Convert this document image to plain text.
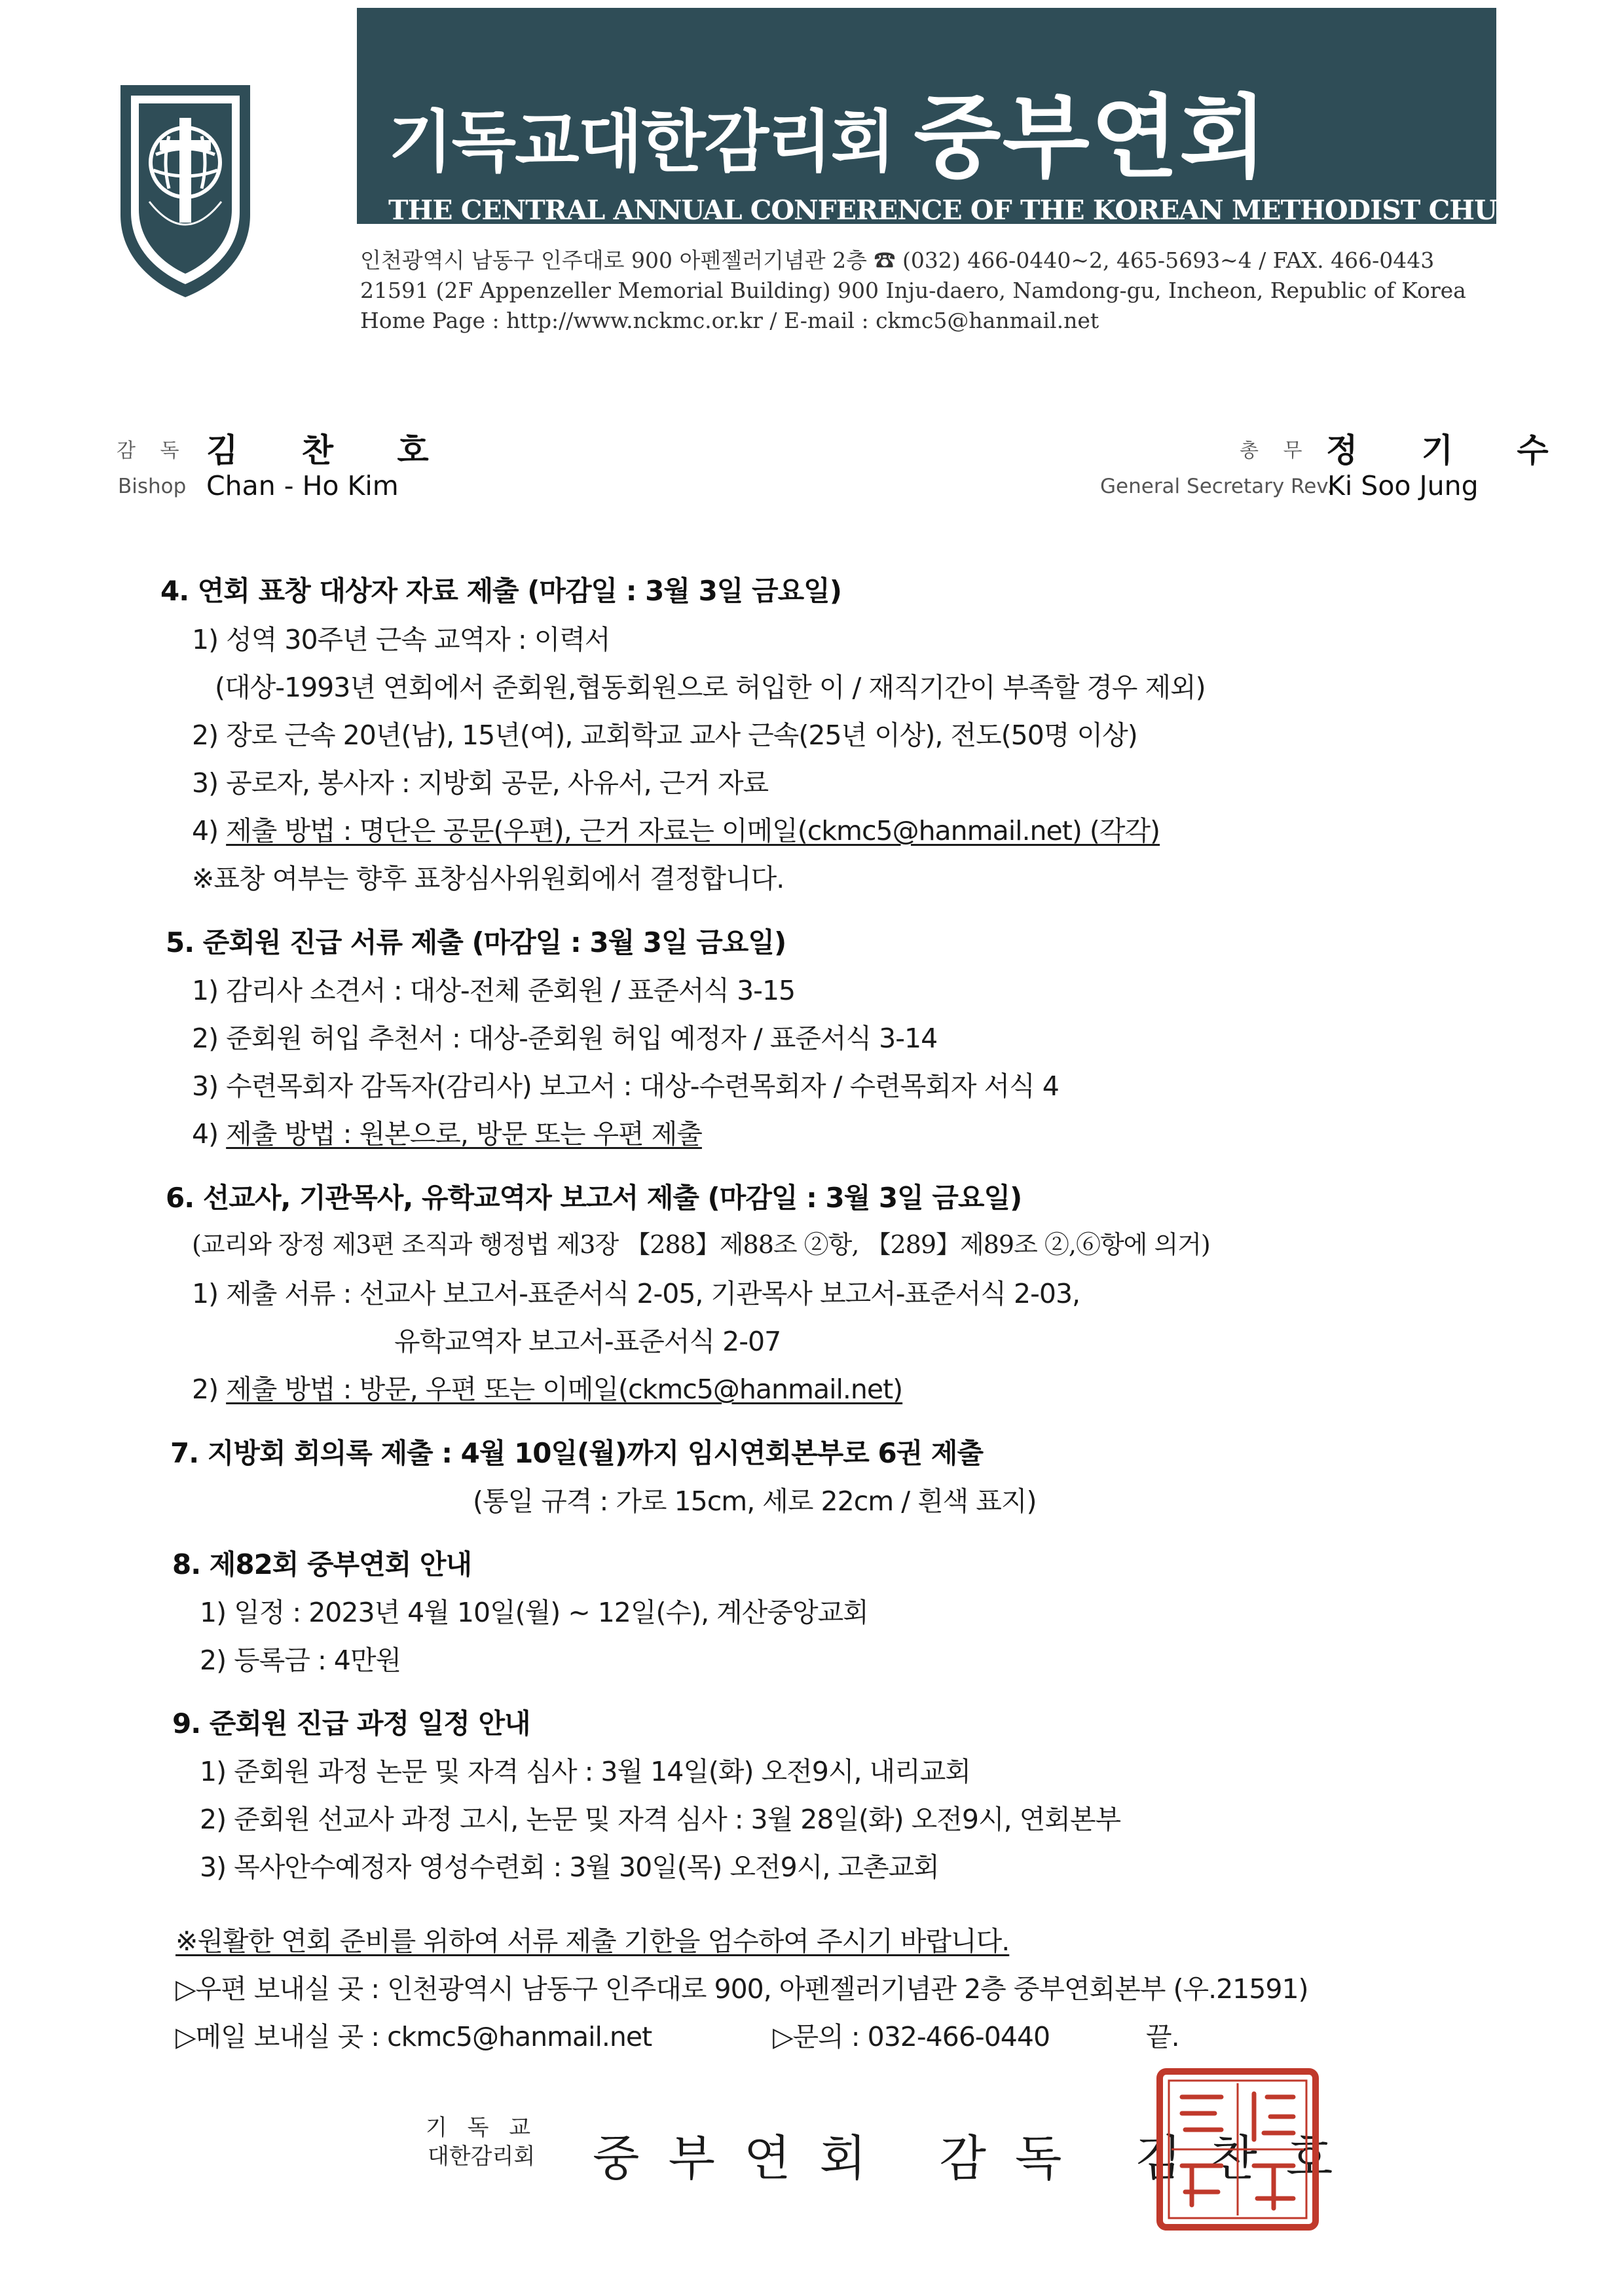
기독교대한감리회 중부연회
THE CENTRAL ANNUAL CONFERENCE OF THE KOREAN METHODIST CHURCH
인천광역시 남동구 인주대로 900 아펜젤러기념관 2층 ☎ (032) 466-0440~2, 465-5693~4 / FAX. 466-0443
21591 (2F Appenzeller Memorial Building) 900 Inju-daero, Namdong-gu, Incheon, Republic of Korea
Home Page : http://www.nckmc.or.kr / E-mail : ckmc5@hanmail.net
감 독 김 찬 호
Bishop Chan - Ho Kim
총 무 정 기 수
General Secretary Rev.
Ki Soo Jung
4. 연회 표창 대상자 자료 제출 (마감일 : 3월 3일 금요일)
1) 성역 30주년 근속 교역자 : 이력서
(대상-1993년 연회에서 준회원,협동회원으로 허입한 이 / 재직기간이 부족할 경우 제외)
2) 장로 근속 20년(남), 15년(여), 교회학교 교사 근속(25년 이상), 전도(50명 이상)
3) 공로자, 봉사자 : 지방회 공문, 사유서, 근거 자료
4) 제출 방법 : 명단은 공문(우편), 근거 자료는 이메일(ckmc5@hanmail.net) (각각)
※표창 여부는 향후 표창심사위원회에서 결정합니다.
5. 준회원 진급 서류 제출 (마감일 : 3월 3일 금요일)
1) 감리사 소견서 : 대상-전체 준회원 / 표준서식 3-15
2) 준회원 허입 추천서 : 대상-준회원 허입 예정자 / 표준서식 3-14
3) 수련목회자 감독자(감리사) 보고서 : 대상-수련목회자 / 수련목회자 서식 4
4) 제출 방법 : 원본으로, 방문 또는 우편 제출
6. 선교사, 기관목사, 유학교역자 보고서 제출 (마감일 : 3월 3일 금요일)
(교리와 장정 제3편 조직과 행정법 제3장 【288】제88조 ②항, 【289】제89조 ②,⑥항에 의거)
1) 제출 서류 : 선교사 보고서-표준서식 2-05, 기관목사 보고서-표준서식 2-03,
유학교역자 보고서-표준서식 2-07
2) 제출 방법 : 방문, 우편 또는 이메일(ckmc5@hanmail.net)
7. 지방회 회의록 제출 : 4월 10일(월)까지 임시연회본부로 6권 제출
(통일 규격 : 가로 15cm, 세로 22cm / 흰색 표지)
8. 제82회 중부연회 안내
1) 일정 : 2023년 4월 10일(월) ~ 12일(수), 계산중앙교회
2) 등록금 : 4만원
9. 준회원 진급 과정 일정 안내
1) 준회원 과정 논문 및 자격 심사 : 3월 14일(화) 오전9시, 내리교회
2) 준회원 선교사 과정 고시, 논문 및 자격 심사 : 3월 28일(화) 오전9시, 연회본부
3) 목사안수예정자 영성수련회 : 3월 30일(목) 오전9시, 고촌교회
※원활한 연회 준비를 위하여 서류 제출 기한을 엄수하여 주시기 바랍니다.
▷우편 보내실 곳 : 인천광역시 남동구 인주대로 900, 아펜젤러기념관 2층 중부연회본부 (우.21591)
▷메일 보내실 곳 : ckmc5@hanmail.net	▷문의 : 032-466-0440	끝.
기 독 교
대한감리회 중부연회 감독 김찬호
